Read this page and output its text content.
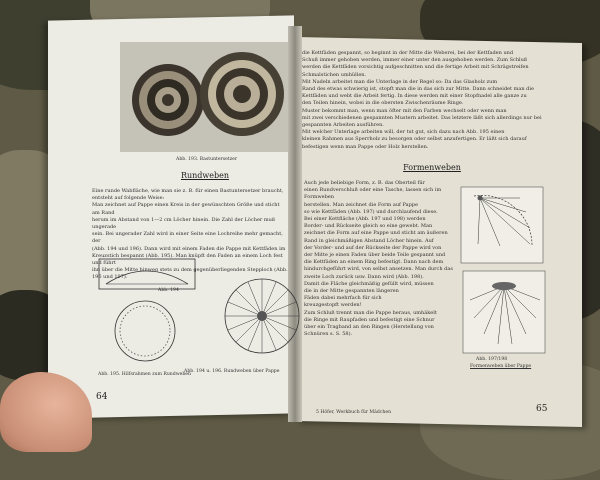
Abb. 193. Bastuntersetzer
Rundweben

Eine runde Wabfläche, wie man sie z. B. für einen Bastuntersetzer braucht,

entsteht auf folgende Weise:

Man zeichnet auf Pappe einen Kreis in der gewünschten Größe und sticht am Rand

herum im Abstand von 1—2 cm Löcher hinein. Die Zahl der Löcher muß ungerade

sein. Bei ungerader Zahl wird in einer Seite eine Lochreihe mehr gemacht, der

(Abb. 194 und 196). Dann wird mit einem Faden die Pappe mit Kettfäden im

Kreuzstich bespannt (Abb. 195). Man knüpft den Faden an einem Loch fest und führt

ihn über die Mitte hinweg stets zu dem gegenüberliegenden Stepploch (Abb. 196 und 197).

Abb. 194
Abb. 195. Hilfsrahmen zum Rundweben
Abb. 194 u. 196. Rundweben über Pappe
64

die Kettfäden gespannt, so beginnt in der Mitte die Weberei, bei der Kettfaden und

Schuß immer gehoben werden, immer einer unter den ausgehoben werden. Zum Schluß

werden die Kettfäden vorsichtig aufgeschnitten und die fertige Arbeit mit Schrägstreifen

Schmalstichen umhüllen.

Mit Nadeln arbeitet man die Unterlage in der Regel so: Da das Glasholz zum

Rand des etwas schwierig ist, stopft man die in das sich zur Mitte. Dann schneidet man die

Kettfäden und webt die Arbeit fertig. In diese werden mit einer Stopfnadel alle ganze zu

den Teilen hinein, wobei in die obersten Zwischenräume Ringe.

Muster bekommt man, wenn man öfter mit den Farben wechselt oder wenn man

mit zwei verschiedenen gespannten Mustern arbeitet. Das letztere läßt sich allerdings nur bei

gespannten Arbeiten ausführen.

Mit welcher Unterlage arbeiten will, der tut gut, sich dazu nach Abb. 195 einen

kleinen Rahmen aus Sperrholz zu besorgen oder selbst anzufertigen. Er läßt sich darauf

befestigen wenn man Pappe oder Holz herstellen.

Formenweben

Auch jede beliebige Form, z. B. das Oberteil für

einen Rundverschluß oder eine Tasche, lassen sich im Formweben

herstellen. Man zeichnet die Form auf Pappe

so wie Kettfäden (Abb. 197) und durchlaufend diese.

Bei einer Kettfläche (Abb. 197 und 198) werden

Border- und Rückseite gleich so eine gewebt. Man

zeichnet die Form auf eine Pappe und sticht am äußeren

Rand in gleichmäßigen Abstand Löcher hinein. Auf

der Vorder- und auf der Rückseite der Pappe wird von

der Mitte je einen Faden über beide Teile gespannt und

die Kettfäden an einem Ring befestigt. Dann nach dem

hindurchgeführt wird, von selbst ansetzen. Man durch das

zweite Loch zurück usw. Dann wird (Abb. 198).

Damit die Fläche gleichmäßig gefüllt wird, müssen

die in der Mitte gespannten längeren

Fäden dabei mehrfach für sich

kreuzgestopft werden!

Zum Schluß trennt man die Pappe heraus, umhäkelt

die Ringe mit Raupfaden und befestigt eine Schnur

über ein Tragband an den Ringen (Herstellung von

Schnüren s. S. 58).

Abb. 197/198
Formenweben über Pappe
5 Höfer, Werkbuch für Mädchen	65
